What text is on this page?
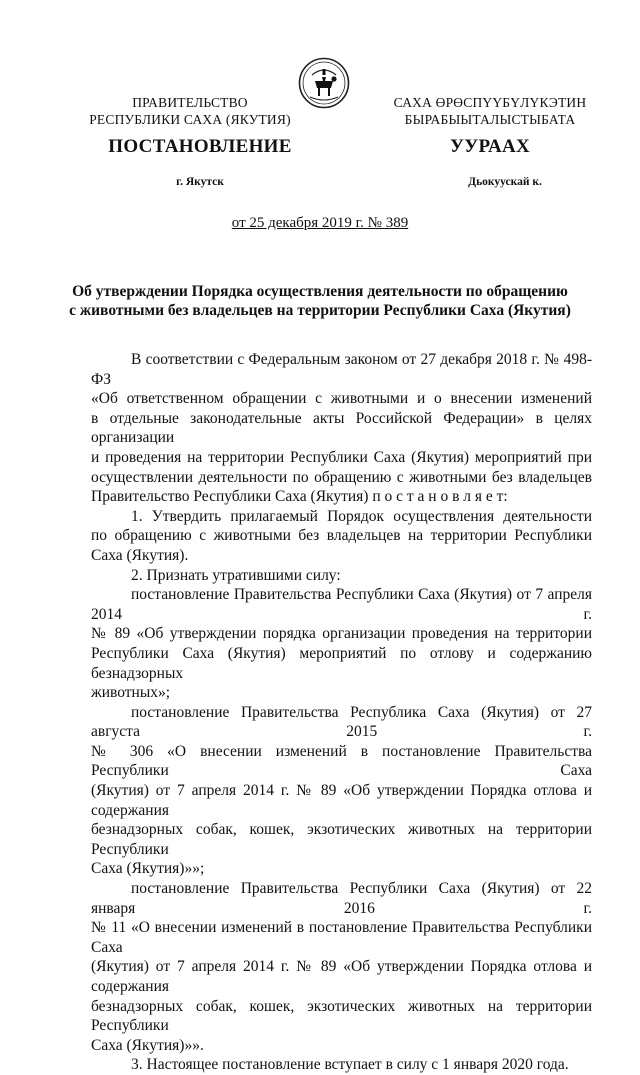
ПРАВИТЕЛЬСТВО
РЕСПУБЛИКИ САХА (ЯКУТИЯ)
САХА ӨРӨСПҮҮБҮЛҮКЭТИН
БЫРАБЫЫТАЛЫСТЫБАТА
ПОСТАНОВЛЕНИЕ	УУРААХ
г. Якутск	Дьокуускай к.
от 25 декабря 2019 г. № 389
Об утверждении Порядка осуществления деятельности по обращению
с животными без владельцев на территории Республики Саха (Якутия)

В соответствии с Федеральным законом от 27 декабря 2018 г. № 498-ФЗ

«Об ответственном обращении с животными и о внесении изменений

в отдельные законодательные акты Российской Федерации» в целях организации

и проведения на территории Республики Саха (Якутия) мероприятий при

осуществлении деятельности по обращению с животными без владельцев

Правительство Республики Саха (Якутия) п о с т а н о в л я е т:

1. Утвердить прилагаемый Порядок осуществления деятельности

по обращению с животными без владельцев на территории Республики

Саха (Якутия).

2. Признать утратившими силу:

постановление Правительства Республики Саха (Якутия) от 7 апреля 2014 г.

№ 89 «Об утверждении порядка организации проведения на территории

Республики Саха (Якутия) мероприятий по отлову и содержанию безнадзорных

животных»;

постановление Правительства Республика Саха (Якутия) от 27 августа 2015 г.

№ 306 «О внесении изменений в постановление Правительства Республики Саха

(Якутия) от 7 апреля 2014 г. № 89 «Об утверждении Порядка отлова и содержания

безнадзорных собак, кошек, экзотических животных на территории Республики

Саха (Якутия)»»;

постановление Правительства Республики Саха (Якутия) от 22 января 2016 г.

№ 11 «О внесении изменений в постановление Правительства Республики Саха

(Якутия) от 7 апреля 2014 г. № 89 «Об утверждении Порядка отлова и содержания

безнадзорных собак, кошек, экзотических животных на территории Республики

Саха (Якутия)»».

3. Настоящее постановление вступает в силу с 1 января 2020 года.
